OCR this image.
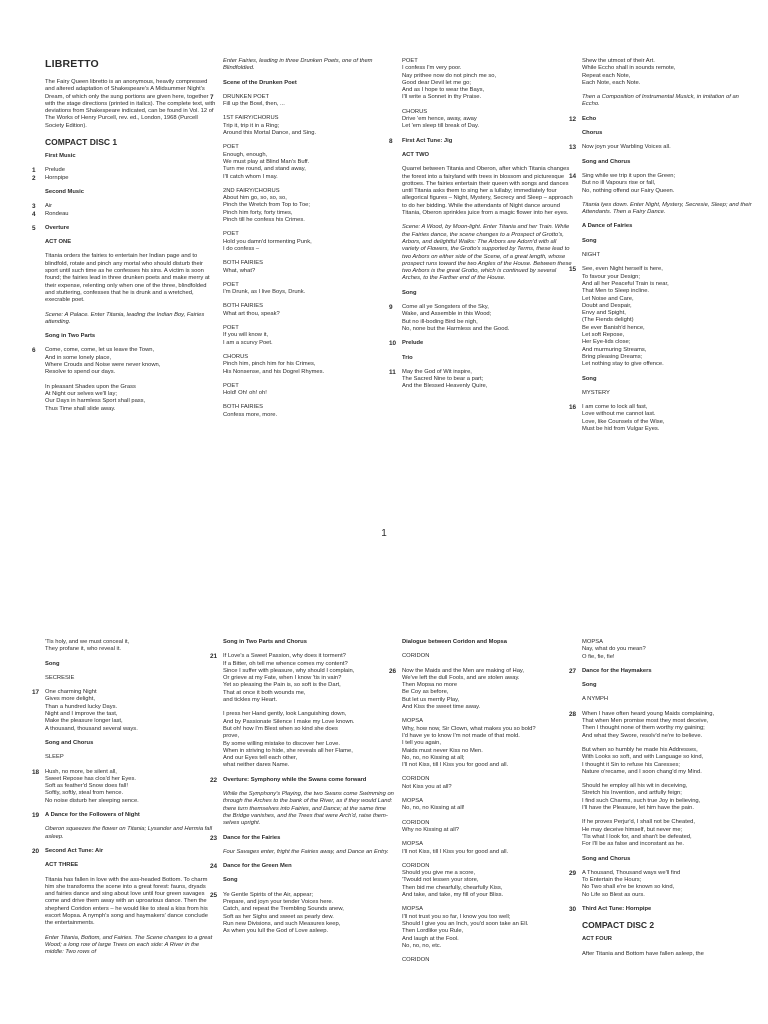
LIBRETTO
The Fairy Queen libretto is an anonymous, heavily compressed and altered adaptation of Shakespeare's A Midsummer Night's Dream, of which only the sung portions are given here, together with the stage directions (printed in italics). The complete text, with deviations from Shakespeare indicated, can be found in Vol. 12 of The Works of Henry Purcell, rev. ed., London, 1968 (Purcell Society Edition).
COMPACT DISC 1
First Music
1 Prelude
2 Hornpipe
Second Music
3 Air
4 Rondeau
5 Overture
ACT ONE
Titania orders the fairies to entertain her Indian page and to blindfold, rotate and pinch any mortal who should disturb their sport until such time as he confesses his sins. A victim is soon found; the fairies lead in three drunken poets and make merry at their expense, relenting only when one of the three, blindfolded and stuttering, confesses that he is drunk and a wretched, execrable poet.
Scene: A Palace. Enter Titania, leading the Indian Boy, Fairies attending.
Song in Two Parts
6 Come, come, come, let us leave the Town,
And in some lonely place,
Where Crouds and Noise were never known,
Resolve to spend our days.
In pleasant Shades upon the Grass
At Night our selves we'll lay;
Our Days in harmless Sport shall pass,
Thus Time shall slide away.
Enter Fairies, leading in three Drunken Poets, one of them Blindfoldied.
Scene of the Drunken Poet
7 DRUNKEN POET
Fill up the Bowl, then, ...
1ST FAIRY/CHORUS
Trip it, trip it in a Ring;
Around this Mortal Dance, and Sing.
POET
Enough, enough,
We must play at Blind Man's Buff.
Turn me round, and stand away,
I'll catch whom I may.
2ND FAIRY/CHORUS
About him go, so, so, so,
Pinch the Wretch from Top to Toe;
Pinch him forty, forty times,
Pinch till he confess his Crimes.
POET
Hold you damn'd tormenting Punk,
I do confess –
BOTH FAIRIES
What, what?
POET
I'm Drunk, as I live Boys, Drunk.
BOTH FAIRIES
What art thou, speak?
POET
If you will know it,
I am a scurvy Poet.
CHORUS
Pinch him, pinch him for his Crimes,
His Nonsense, and his Dogrel Rhymes.
POET
Hold! Oh! oh! oh!
BOTH FAIRIES
Confess more, more.
POET
I confess I'm very poor.
Nay prithee now do not pinch me so,
Good dear Devil let me go;
And as I hope to wear the Bays,
I'll write a Sonnet in thy Praise.
CHORUS
Drive 'em hence, away, away
Let 'em sleep till break of Day.
8 First Act Tune: Jig
ACT TWO
Quarrel between Titania and Oberon, after which Titania changes the forest into a fairyland with trees in blossom and picturesque grottoes. The fairies entertain their queen with songs and dances until Titania asks them to sing her a lullaby; immediately four allegorical figures – Night, Mystery, Secrecy and Sleep – approach to do her bidding. While the attendants of Night dance around Titania, Oberon sprinkles juice from a magic flower into her eyes.
Scene: A Wood, by Moon-light. Enter Titania and her Train. While the Fairies dance, the scene changes to a Prospect of Grotto's, Arbors, and delightful Walks: The Arbors are Adorn'd with all variety of Flowers, the Grotto's supported by Terms, these lead to two Arbors on either side of the Scene, of a great length, whose prospect runs toward the two Angles of the House. Between these two Arbors is the great Grotto, which is continued by several Arches, to the Farther end of the House.
Song
9 Come all ye Songsters of the Sky,
Wake, and Assemble in this Wood;
But no ill-boding Bird be nigh,
No, none but the Harmless and the Good.
10 Prelude
Trio
11 May the God of Wit inspire,
The Sacred Nine to bear a part;
And the Blessed Heavenly Quire,
Shew the utmost of their Art.
While Eccho shall in sounds remote,
Repeat each Note,
Each Note, each Note.
Then a Composition of Instrumental Musick, in imitation of an Eccho.
12 Echo
Chorus
13 Now joyn your Warbling Voices all.
Song and Chorus
14 Sing while we trip it upon the Green;
But no ill Vapours rise or fall,
No, nothing offend our Fairy Queen.
Titania lyes down. Enter Night, Mystery, Secresie, Sleep; and their Attendants. Then a Fairy Dance.
A Dance of Fairies
Song
NIGHT
15 See, even Night herself is here,
To favour your Design;
And all her Peaceful Train is near,
That Men to Sleep incline.
Let Noise and Care,
Doubt and Despair,
Envy and Spight,
(The Fiends delight)
Be ever Banish'd hence,
Let soft Repose,
Her Eye-lids close;
And murmuring Streams,
Bring pleasing Dreams;
Let nothing stay to give offence.
Song
MYSTERY
16 I am come to lock all fast,
Love without me cannot last.
Love, like Counsels of the Wise,
Must be hid from Vulgar Eyes.
1
'Tis holy, and we must conceal it,
They profane it, who reveal it.
Song
SECRESIE
17 One charming Night
Gives more delight,
Than a hundred lucky Days.
Night and I improve the tast,
Make the pleasure longer last,
A thousand, thousand several ways.
Song and Chorus
SLEEP
18 Hush, no more, be silent all,
Sweet Repose has clos'd her Eyes.
Soft as feather'd Snow does fall!
Softly, softly, steal from hence.
No noise disturb her sleeping sence.
19 A Dance for the Followers of Night
Oberon squeezes the flower on Titania; Lysander and Hermia fall asleep.
20 Second Act Tune: Air
ACT THREE
Titania has fallen in love with the ass-headed Bottom. To charm him she transforms the scene into a great forest: fauns, dryads and fairies dance and sing about love until four green savages come and drive them away with an uproarious dance. Then the shepherd Coridon enters – he would like to steal a kiss from his escort Mopsa. A nymph's song and haymakers' dance conclude the entertainments.
Enter Titania, Bottom, and Fairies. The Scene changes to a great Wood; a long row of large Trees on each side: A River in the middle: Two rows of
Song in Two Parts and Chorus
21 If Love's a Sweet Passion, why does it torment?
If a Bitter, oh tell me whence comes my content?
Since I suffer with pleasure, why should I complain,
Or grieve at my Fate, when I know 'tis in vain?
Yet so pleasing the Pain is, so soft is the Dart,
That at once it both wounds me,
and tickles my Heart.
I press her Hand gently, look Languishing down,
And by Passionate Silence I make my Love known.
But oh! how I'm Blest when so kind she does
prove,
By some willing mistake to discover her Love.
When in striving to hide, she reveals all her Flame,
And our Eyes tell each other,
what neither dares Name.
22 Overture: Symphony while the Swans come forward
While the Symphony's Playing, the two Swans come Swimming on through the Arches to the bank of the River, as if they would Land: there turn themselves into Fairies, and Dance; at the same time the Bridge vanishes, and the Trees that were Arch'd, raise them-selves upright.
23 Dance for the Fairies
Four Savages enter, fright the Fairies away, and Dance an Entry.
24 Dance for the Green Men
Song
25 Ye Gentle Spirits of the Air, appear;
Prepare, and joyn your tender Voices here.
Catch, and repeat the Trembling Sounds anew,
Soft as her Sighs and sweet as pearly dew.
Run new Divisions, and such Measures keep,
As when you lull the God of Love asleep.
Dialogue between Coridon and Mopsa
CORIDON
26 Now the Maids and the Men are making of Hay,
We've left the dull Fools, and are stolen away.
Then Mopsa no more
Be Coy as before,
But let us merrily Play,
And Kiss the sweet time away.
MOPSA
Why, how now, Sir Clown, what makes you so bold?
I'd have ye to know I'm not made of that mold.
I tell you again,
Maids must never Kiss no Men.
No, no, no Kissing at all;
I'll not Kiss, till I Kiss you for good and all.
CORIDON
Not Kiss you at all?
MOPSA
No, no, no Kissing at all!
CORIDON
Why no Kissing at all?
MOPSA
I'll not Kiss, till I Kiss you for good and all.
CORIDON
Should you give me a score,
'Twould not lessen your store,
Then bid me chearfully, chearfully Kiss,
And take, and take, my fill of your Bliss.
MOPSA
I'll not trust you so far, I know you too well;
Should I give you an Inch, you'd soon take an Ell.
Then Lordlike you Rule,
And laugh at the Fool.
No, no, no, etc.
CORIDON
MOPSA
Nay, what do you mean?
O fie, fie, fie!
27 Dance for the Haymakers
Song
A NYMPH
28 When I have often heard young Maids complaining,
That when Men promise most they most deceive,
Then I thought none of them worthy my gaining;
And what they Swore, resolv'd ne're to believe.
But when so humbly he made his Addresses,
With Looks so soft, and with Language so kind,
I thought it Sin to refuse his Caresses;
Nature o'recame, and I soon chang'd my Mind.
Should he employ all his wit in deceiving,
Stretch his Invention, and artfully feign;
I find such Charms, such true Joy in believing,
I'll have the Pleasure, let him have the pain.
If he proves Perjur'd, I shall not be Cheated,
He may deceive himself, but never me;
'Tis what I look for, and shan't be defeated,
For I'll be as false and inconstant as he.
Song and Chorus
29 A Thousand, Thousand ways we'll find
To Entertain the Hours;
No Two shall e're be known so kind,
No Life so Blest as ours.
30 Third Act Tune: Hornpipe
COMPACT DISC 2
ACT FOUR
After Titania and Bottom have fallen asleep, the
